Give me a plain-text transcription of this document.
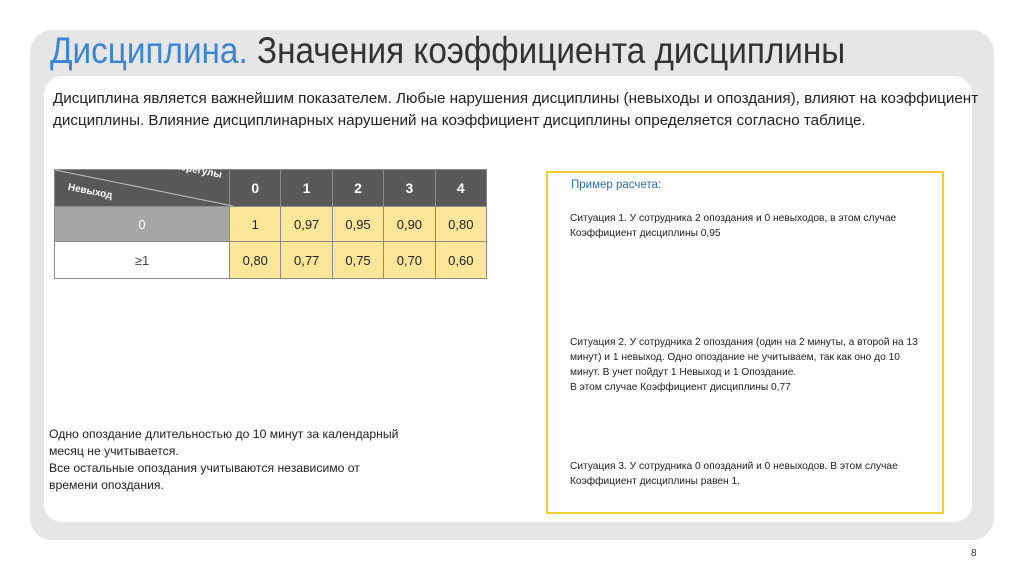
Дисциплина. Значения коэффициента дисциплины

Дисциплина является важнейшим показателем. Любые нарушения дисциплины (невыходы и опоздания), влияют на коэффициент дисциплины. Влияние дисциплинарных нарушений на коэффициент дисциплины определяется согласно таблице.

Опоздание, перегулы
Невыход	0	1	2	3	4
0	1	0,97	0,95	0,90	0,80
≥1	0,80	0,77	0,75	0,70	0,60

Одно опоздание длительностью до 10 минут за календарный месяц не учитывается.
Все остальные опоздания учитываются независимо от времени опоздания.

Пример расчета:

Ситуация 1. У сотрудника 2 опоздания и 0 невыходов, в этом случае
Коэффициент дисциплины 0,95

Ситуация 2. У сотрудника 2 опоздания (один на 2 минуты, а второй на 13 минут) и 1 невыход. Одно опоздание не учитываем, так как оно до 10 минут. В учет пойдут 1 Невыход и 1 Опоздание.
В этом случае Коэффициент дисциплины 0,77

Ситуация 3. У сотрудника 0 опозданий и 0 невыходов. В этом случае
Коэффициент дисциплины равен 1.

8
